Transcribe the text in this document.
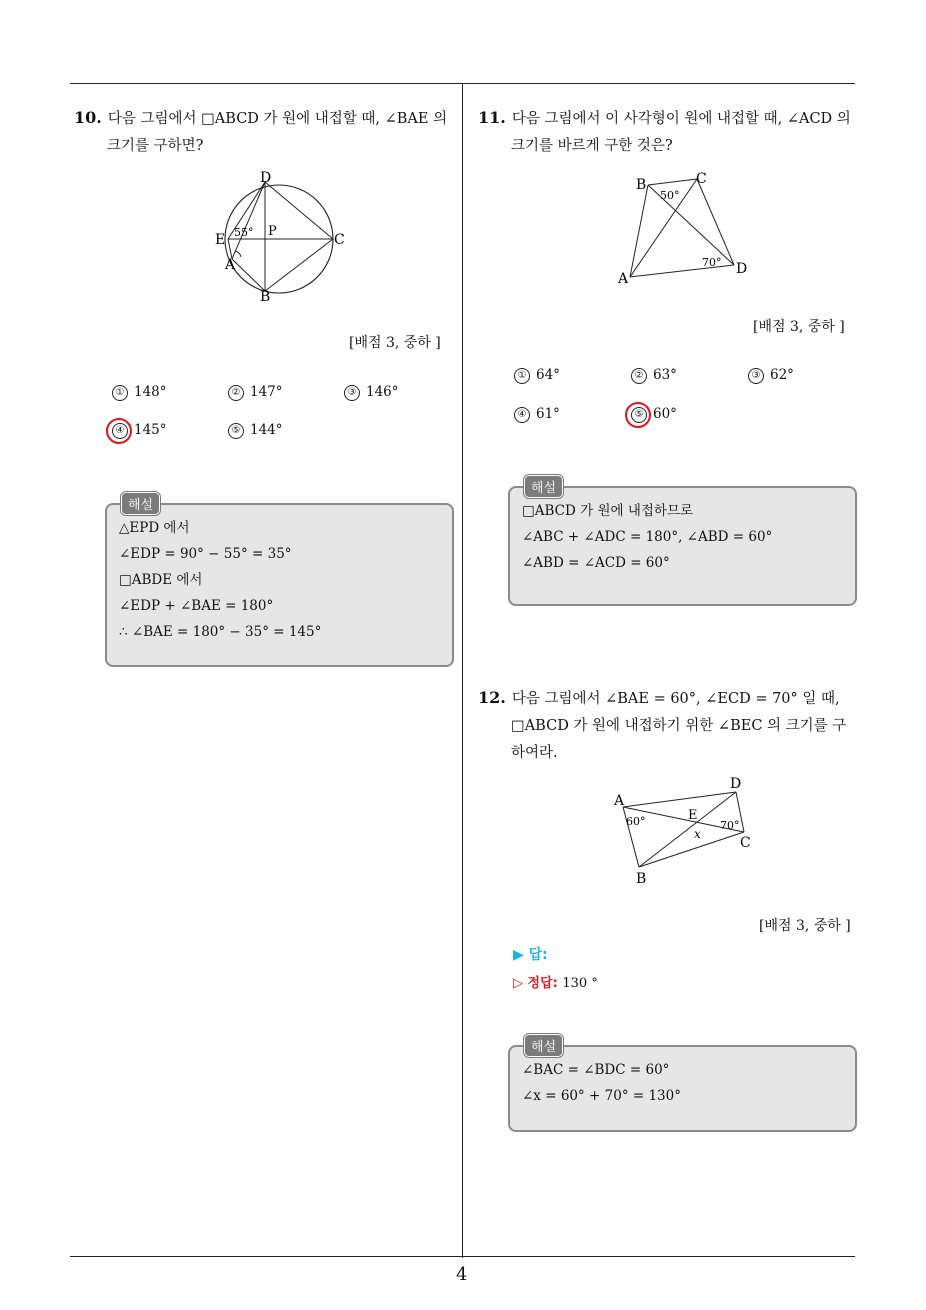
10. 다음 그림에서 □ABCD 가 원에 내접할 때, ∠BAE 의
크기를 구하면?
D
E
P
C
A
B
55°
[배점 3, 중하 ]
① 148°	② 147°	③ 146°
④ 145°	⑤ 144°
△EPD 에서
∠EDP = 90° − 55° = 35°
□ABDE 에서
∠EDP + ∠BAE = 180°
∴ ∠BAE = 180° − 35° = 145°
해설
11. 다음 그림에서 이 사각형이 원에 내접할 때, ∠ACD 의
크기를 바르게 구한 것은?
B	C
A
D
50°
70°
[배점 3, 중하 ]
① 64°	② 63°	③ 62°
④ 61°	⑤ 60°
□ABCD 가 원에 내접하므로
∠ABC + ∠ADC = 180°, ∠ABD = 60°
∠ABD = ∠ACD = 60°
해설
12. 다음 그림에서 ∠BAE = 60°, ∠ECD = 70° 일 때,
□ABCD 가 원에 내접하기 위한 ∠BEC 의 크기를 구
하여라.
A
D
E
C
B
x
60°	70°
[배점 3, 중하 ]
▶ 답:
▷ 정답: 130 °
∠BAC = ∠BDC = 60°
∠x = 60° + 70° = 130°
해설
4
